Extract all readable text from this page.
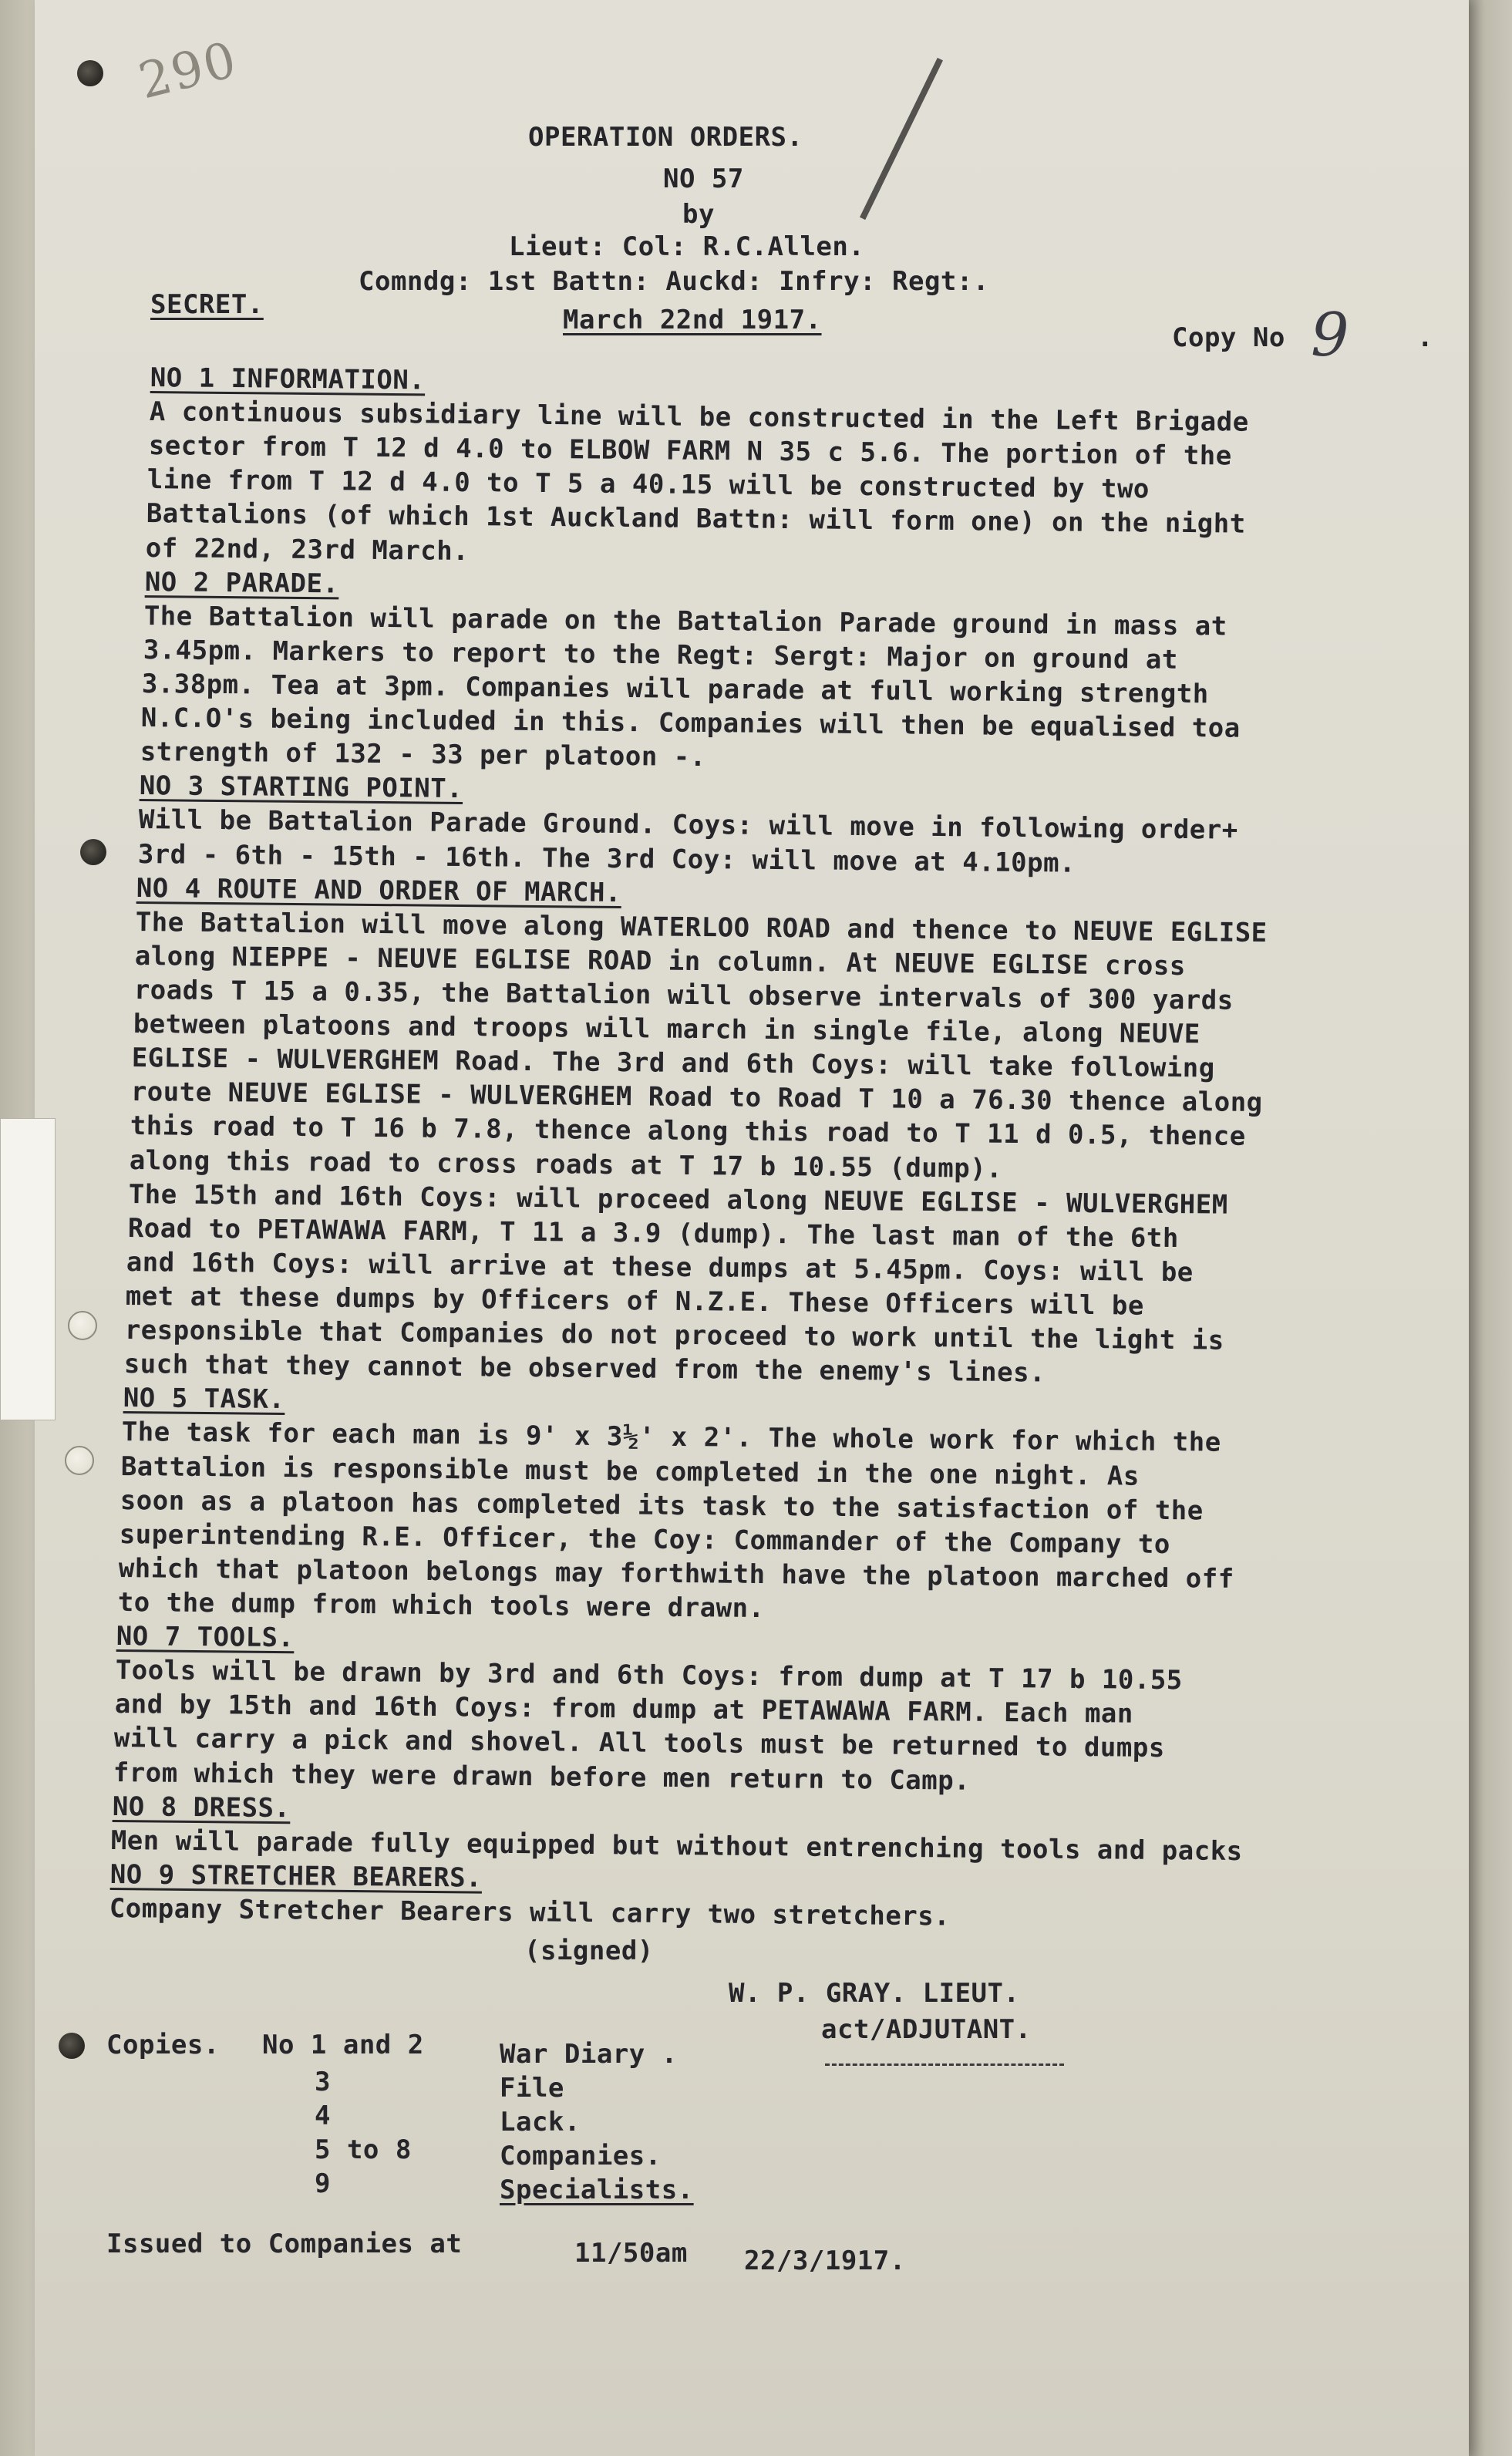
290
OPERATION ORDERS.
NO 57
by
Lieut: Col: R.C.Allen.
Comndg: 1st Battn: Auckd: Infry: Regt:.
March 22nd 1917.
SECRET.
Copy No 9	.
NO 1 INFORMATION.
A continuous subsidiary line will be constructed in the Left Brigade
sector from T 12 d 4.0 to ELBOW FARM N 35 c 5.6. The portion of the
line from T 12 d 4.0 to T 5 a 40.15 will be constructed by two
Battalions (of which 1st Auckland Battn: will form one) on the night
of 22nd, 23rd March.
NO 2 PARADE.
The Battalion will parade on the Battalion Parade ground in mass at
3.45pm. Markers to report to the Regt: Sergt: Major on ground at
3.38pm. Tea at 3pm. Companies will parade at full working strength
N.C.O's being included in this. Companies will then be equalised toa
strength of 132 - 33 per platoon -.
NO 3 STARTING POINT.
Will be Battalion Parade Ground. Coys: will move in following order+
3rd - 6th - 15th - 16th. The 3rd Coy: will move at 4.10pm.
NO 4 ROUTE AND ORDER OF MARCH.
The Battalion will move along WATERLOO ROAD and thence to NEUVE EGLISE
along NIEPPE - NEUVE EGLISE ROAD in column. At NEUVE EGLISE cross
roads T 15 a 0.35, the Battalion will observe intervals of 300 yards
between platoons and troops will march in single file, along NEUVE
EGLISE - WULVERGHEM Road. The 3rd and 6th Coys: will take following
route NEUVE EGLISE - WULVERGHEM Road to Road T 10 a 76.30 thence along
this road to T 16 b 7.8, thence along this road to T 11 d 0.5, thence
along this road to cross roads at T 17 b 10.55 (dump).
The 15th and 16th Coys: will proceed along NEUVE EGLISE - WULVERGHEM
Road to PETAWAWA FARM, T 11 a 3.9 (dump). The last man of the 6th
and 16th Coys: will arrive at these dumps at 5.45pm. Coys: will be
met at these dumps by Officers of N.Z.E. These Officers will be
responsible that Companies do not proceed to work until the light is
such that they cannot be observed from the enemy's lines.
NO 5 TASK.
The task for each man is 9' x 3½' x 2'. The whole work for which the
Battalion is responsible must be completed in the one night. As
soon as a platoon has completed its task to the satisfaction of the
superintending R.E. Officer, the Coy: Commander of the Company to
which that platoon belongs may forthwith have the platoon marched off
to the dump from which tools were drawn.
NO 7 TOOLS.
Tools will be drawn by 3rd and 6th Coys: from dump at T 17 b 10.55
and by 15th and 16th Coys: from dump at PETAWAWA FARM. Each man
will carry a pick and shovel. All tools must be returned to dumps
from which they were drawn before men return to Camp.
NO 8 DRESS.
Men will parade fully equipped but without entrenching tools and packs
NO 9 STRETCHER BEARERS.
Company Stretcher Bearers will carry two stretchers.
(signed)
W. P. GRAY. LIEUT.
act/ADJUTANT.
Copies. No 1 and 2	War Diary .
3	File
4	Lack.
5 to 8	Companies.
9	Specialists.
Issued to Companies at	11/50am 22/3/1917.
